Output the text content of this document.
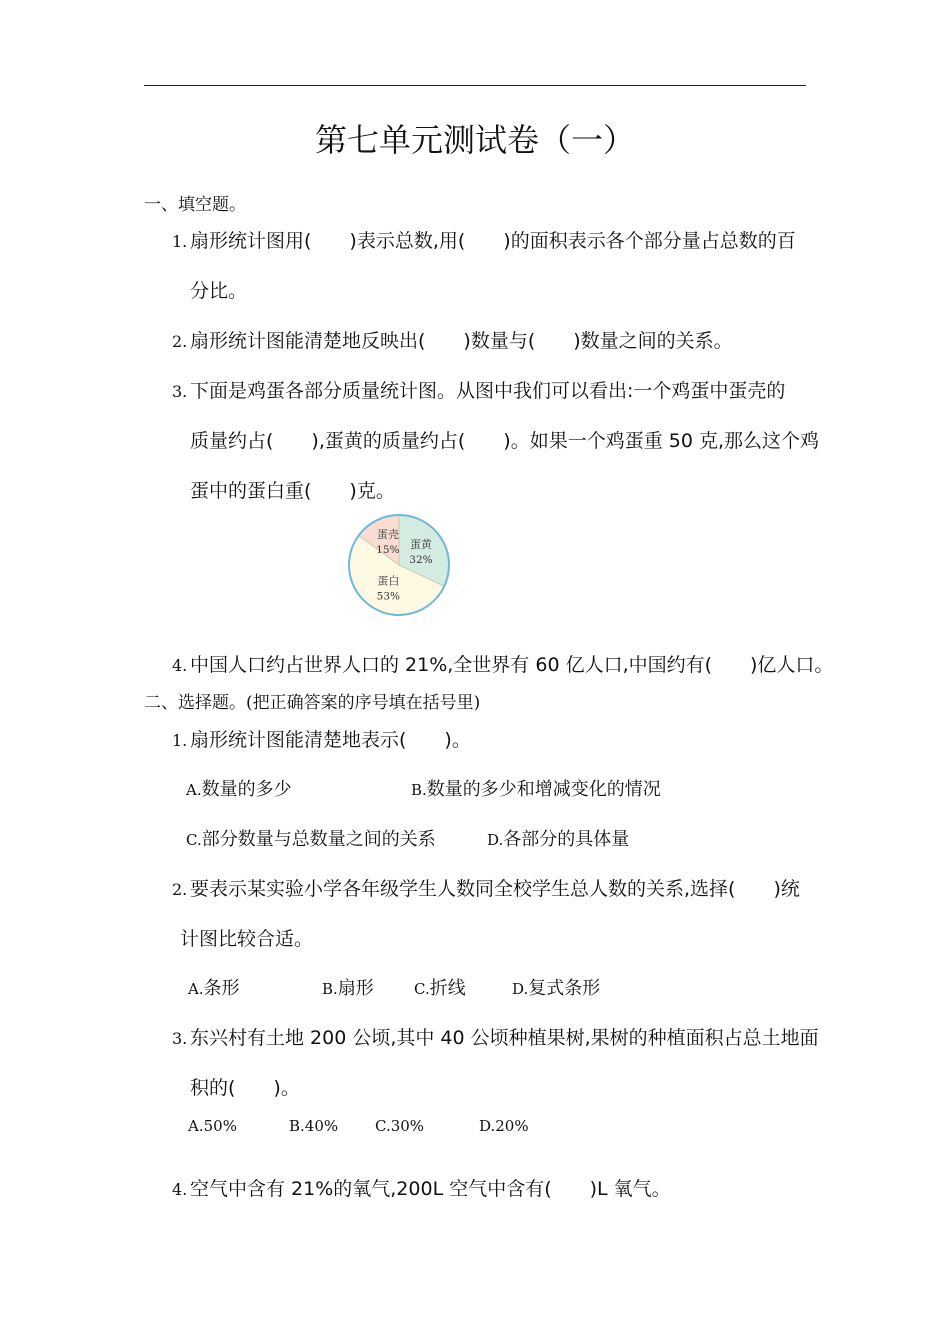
第七单元测试卷（一）
一、填空题。
1. 扇形统计图用(　　)表示总数,用(　　)的面积表示各个部分量占总数的百
分比。
2. 扇形统计图能清楚地反映出(　　)数量与(　　)数量之间的关系。
3. 下面是鸡蛋各部分质量统计图。从图中我们可以看出:一个鸡蛋中蛋壳的
质量约占(　　),蛋黄的质量约占(　　)。如果一个鸡蛋重 50 克,那么这个鸡
蛋中的蛋白重(　　)克。
蛋壳
15% 蛋黄
32%
蛋白
53%
4. 中国人口约占世界人口的 21%,全世界有 60 亿人口,中国约有(　　)亿人口。
二、选择题。(把正确答案的序号填在括号里)
1. 扇形统计图能清楚地表示(　　)。
A.数量的多少	B.数量的多少和增减变化的情况
C.部分数量与总数量之间的关系	D.各部分的具体量
2. 要表示某实验小学各年级学生人数同全校学生总人数的关系,选择(　　)统
计图比较合适。
A.条形	B.扇形	C.折线	D.复式条形
3. 东兴村有土地 200 公顷,其中 40 公顷种植果树,果树的种植面积占总土地面
积的(　　)。
A.50%	B.40% C.30%	D.20%
4. 空气中含有 21%的氧气,200L 空气中含有(　　)L 氧气。
